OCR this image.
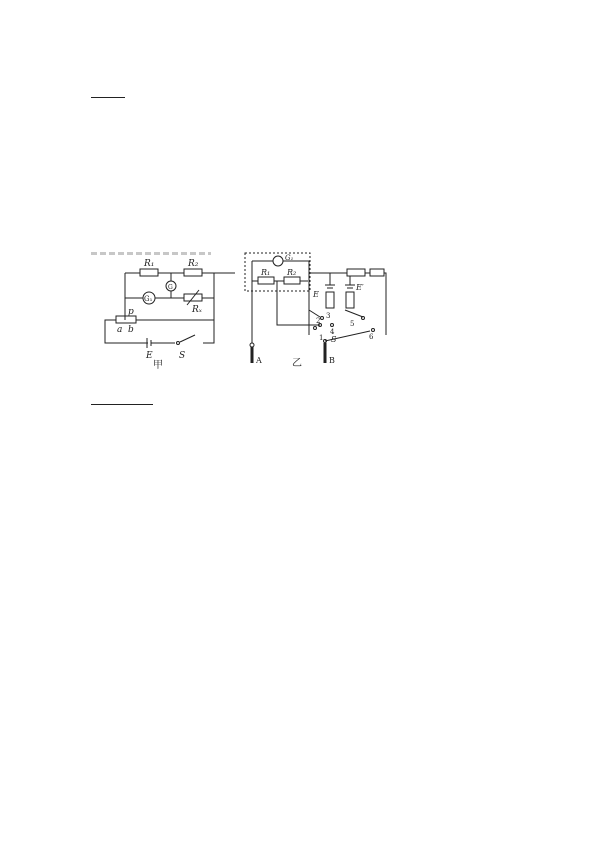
R₁	R₂
G
G₁
Rₓ
p
a b
E	S
甲
G₁
R₁ R₂
E
E′
1
2
3
4
5
6
S
A	B
乙
